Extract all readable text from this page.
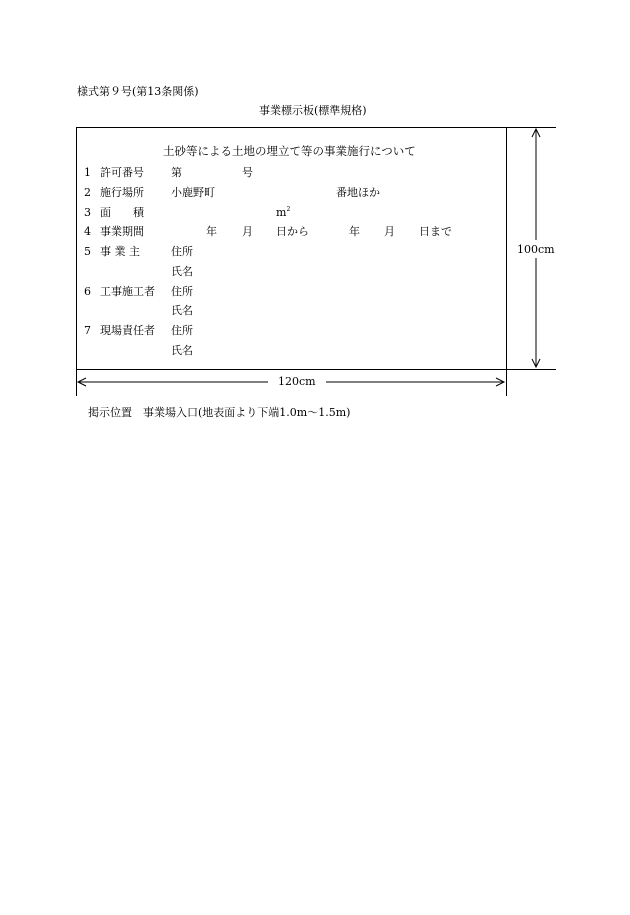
様式第９号(第13条関係)
事業標示板(標準規格)
100cm
120cm
土砂等による土地の埋立て等の事業施行について
1 許可番号 第	号
2 施行場所 小鹿野町	番地ほか
3 面　　積	$m^2$
4 事業期間	年 月 日から	年 月 日まで
5 事 業 主	住所
氏名
6 工事施工者 住所
氏名
7 現場責任者 住所
氏名
掲示位置　事業場入口(地表面より下端1.0m～1.5m)
